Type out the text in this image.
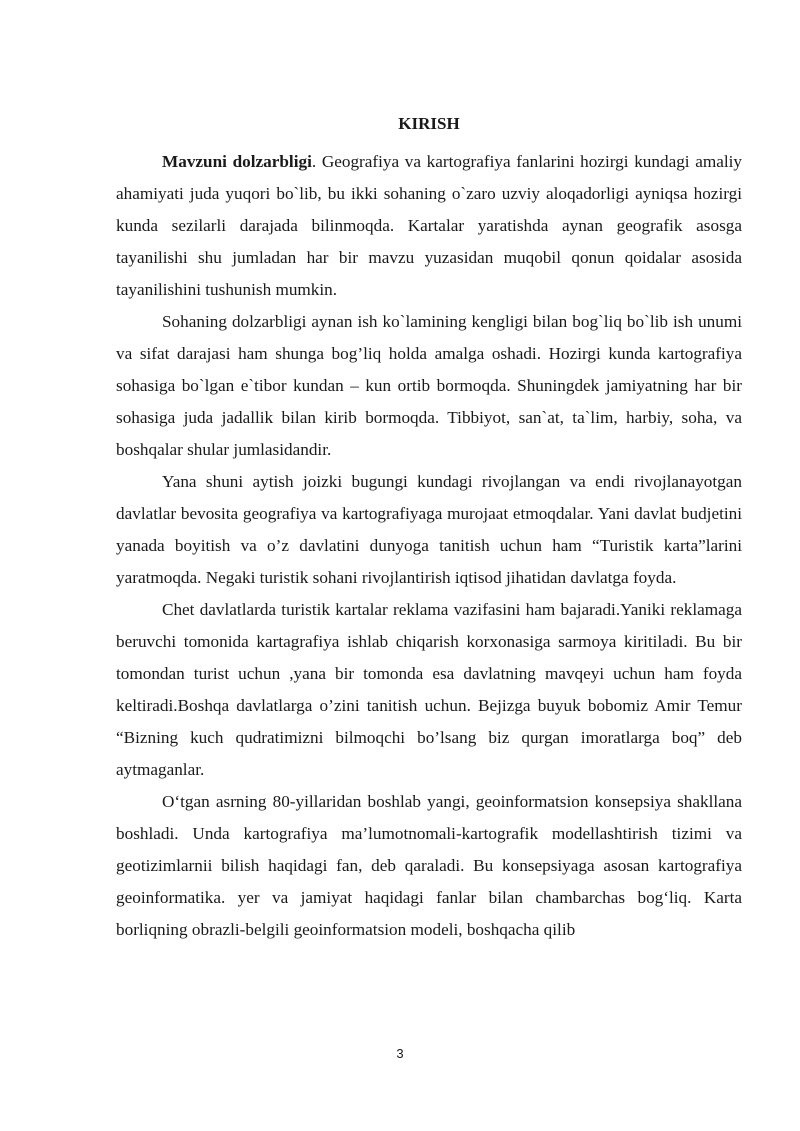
KIRISH

Mavzuni dolzarbligi. Geografiya va kartografiya fanlarini hozirgi kundagi amaliy ahamiyati juda yuqori bo`lib, bu ikki sohaning o`zaro uzviy aloqadorligi ayniqsa hozirgi kunda sezilarli darajada bilinmoqda. Kartalar yaratishda aynan geografik asosga tayanilishi shu jumladan har bir mavzu yuzasidan muqobil qonun qoidalar asosida tayanilishini tushunish mumkin.

Sohaning dolzarbligi aynan ish ko`lamining kengligi bilan bog`liq bo`lib ish unumi va sifat darajasi ham shunga bog’liq holda amalga oshadi. Hozirgi kunda kartografiya sohasiga bo`lgan e`tibor kundan – kun ortib bormoqda. Shuningdek jamiyatning har bir sohasiga juda jadallik bilan kirib bormoqda. Tibbiyot, san`at, ta`lim, harbiy, soha, va boshqalar shular jumlasidandir.

Yana shuni aytish joizki bugungi kundagi rivojlangan va endi rivojlanayotgan davlatlar bevosita geografiya va kartografiyaga murojaat etmoqdalar. Yani davlat budjetini yanada boyitish va o’z davlatini dunyoga tanitish uchun ham “Turistik karta”larini yaratmoqda. Negaki turistik sohani rivojlantirish iqtisod jihatidan davlatga foyda.

Chet davlatlarda turistik kartalar reklama vazifasini ham bajaradi.Yaniki reklamaga beruvchi tomonida kartagrafiya ishlab chiqarish korxonasiga sarmoya kiritiladi. Bu bir tomondan turist uchun ,yana bir tomonda esa davlatning mavqeyi uchun ham foyda keltiradi.Boshqa davlatlarga o’zini tanitish uchun. Bejizga buyuk bobomiz Amir Temur “Bizning kuch qudratimizni bilmoqchi bo’lsang biz qurgan imoratlarga boq” deb aytmaganlar.

O‘tgan asrning 80-yillaridan boshlab yangi, geoinformatsion konsepsiya shakllana boshladi. Unda kartografiya ma’lumotnomali-kartografik modellashtirish tizimi va geotizimlarnii bilish haqidagi fan, deb qaraladi. Bu konsepsiyaga asosan kartografiya geoinformatika. yer va jamiyat haqidagi fanlar bilan chambarchas bog‘liq. Karta borliqning obrazli-belgili geoinformatsion modeli, boshqacha qilib

3
